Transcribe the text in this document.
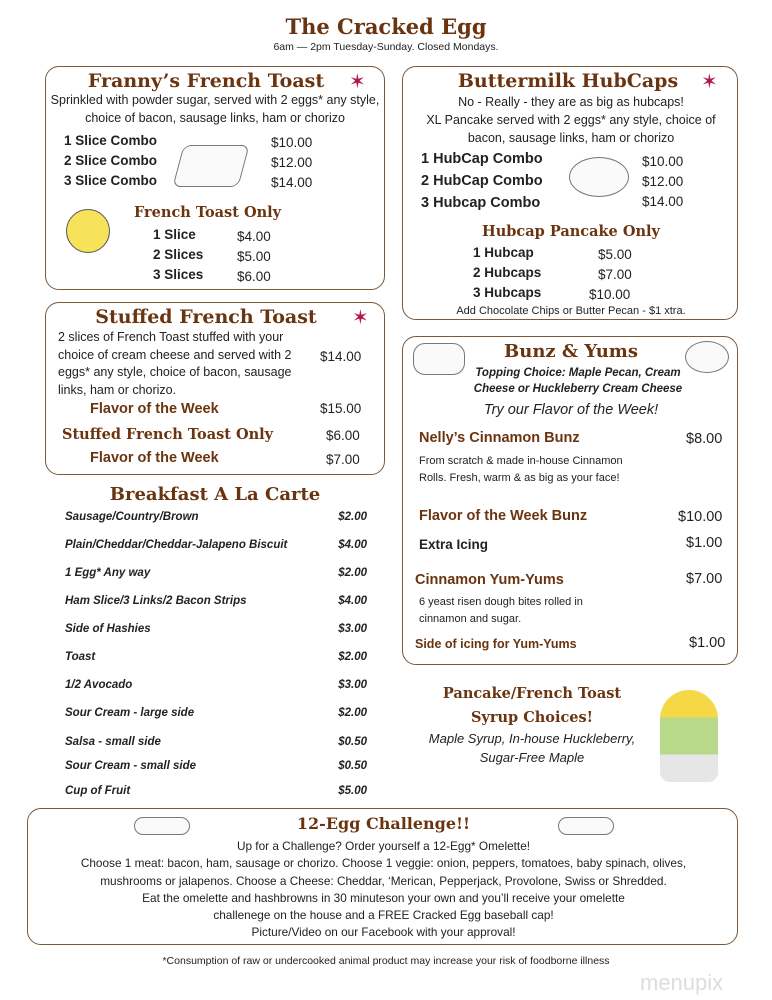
The Cracked Egg
6am — 2pm Tuesday-Sunday. Closed Mondays.
Franny’s French Toast	✶
Sprinkled with powder sugar, served with 2 eggs* any style, choice of bacon, sausage links, ham or chorizo
1 Slice Combo	$10.00
2 Slice Combo	$12.00
3 Slice Combo	$14.00
French Toast Only
1 Slice	$4.00
2 Slices $5.00
3 Slices $6.00
Stuffed French Toast	✶
2 slices of French Toast stuffed with your choice of cream cheese and served with 2 eggs* any style, choice of bacon, sausage links, ham or chorizo.
$14.00
Flavor of the Week	$15.00
Stuffed French Toast Only	$6.00
Flavor of the Week	$7.00
Breakfast A La Carte
Sausage/Country/Brown	$2.00
Plain/Cheddar/Cheddar-Jalapeno Biscuit	$4.00
1 Egg* Any way	$2.00
Ham Slice/3 Links/2 Bacon Strips	$4.00
Side of Hashies	$3.00
Toast	$2.00
1/2 Avocado	$3.00
Sour Cream - large side	$2.00
Salsa - small side	$0.50
Sour Cream - small side	$0.50
Cup of Fruit	$5.00
Buttermilk HubCaps	✶
No - Really - they are as big as hubcaps!
XL Pancake served with 2 eggs* any style, choice of bacon, sausage links, ham or chorizo
1 HubCap Combo	$10.00
2 HubCap Combo	$12.00
3 Hubcap Combo	$14.00
Hubcap Pancake Only
1 Hubcap	$5.00
2 Hubcaps	$7.00
3 Hubcaps	$10.00
Add Chocolate Chips or Butter Pecan - $1 xtra.
Bunz & Yums
Topping Choice: Maple Pecan, Cream Cheese or Huckleberry Cream Cheese
Try our Flavor of the Week!
Nelly’s Cinnamon Bunz	$8.00
From scratch & made in-house Cinnamon Rolls. Fresh, warm & as big as your face!
Flavor of the Week Bunz	$10.00
Extra Icing	$1.00
Cinnamon Yum-Yums	$7.00
6 yeast risen dough bites rolled in cinnamon and sugar.
Side of icing for Yum-Yums	$1.00
Pancake/French Toast
Syrup Choices!
Maple Syrup, In-house Huckleberry, Sugar-Free Maple
12-Egg Challenge!!
Up for a Challenge? Order yourself a 12-Egg* Omelette!
Choose 1 meat: bacon, ham, sausage or chorizo. Choose 1 veggie: onion, peppers, tomatoes, baby spinach, olives,
mushrooms or jalapenos. Choose a Cheese: Cheddar, ‘Merican, Pepperjack, Provolone, Swiss or Shredded.
Eat the omelette and hashbrowns in 30 minuteson your own and you’ll receive your omelette
challenege on the house and a FREE Cracked Egg baseball cap!
Picture/Video on our Facebook with your approval!
*Consumption of raw or undercooked animal product may increase your risk of foodborne illness
menupix
